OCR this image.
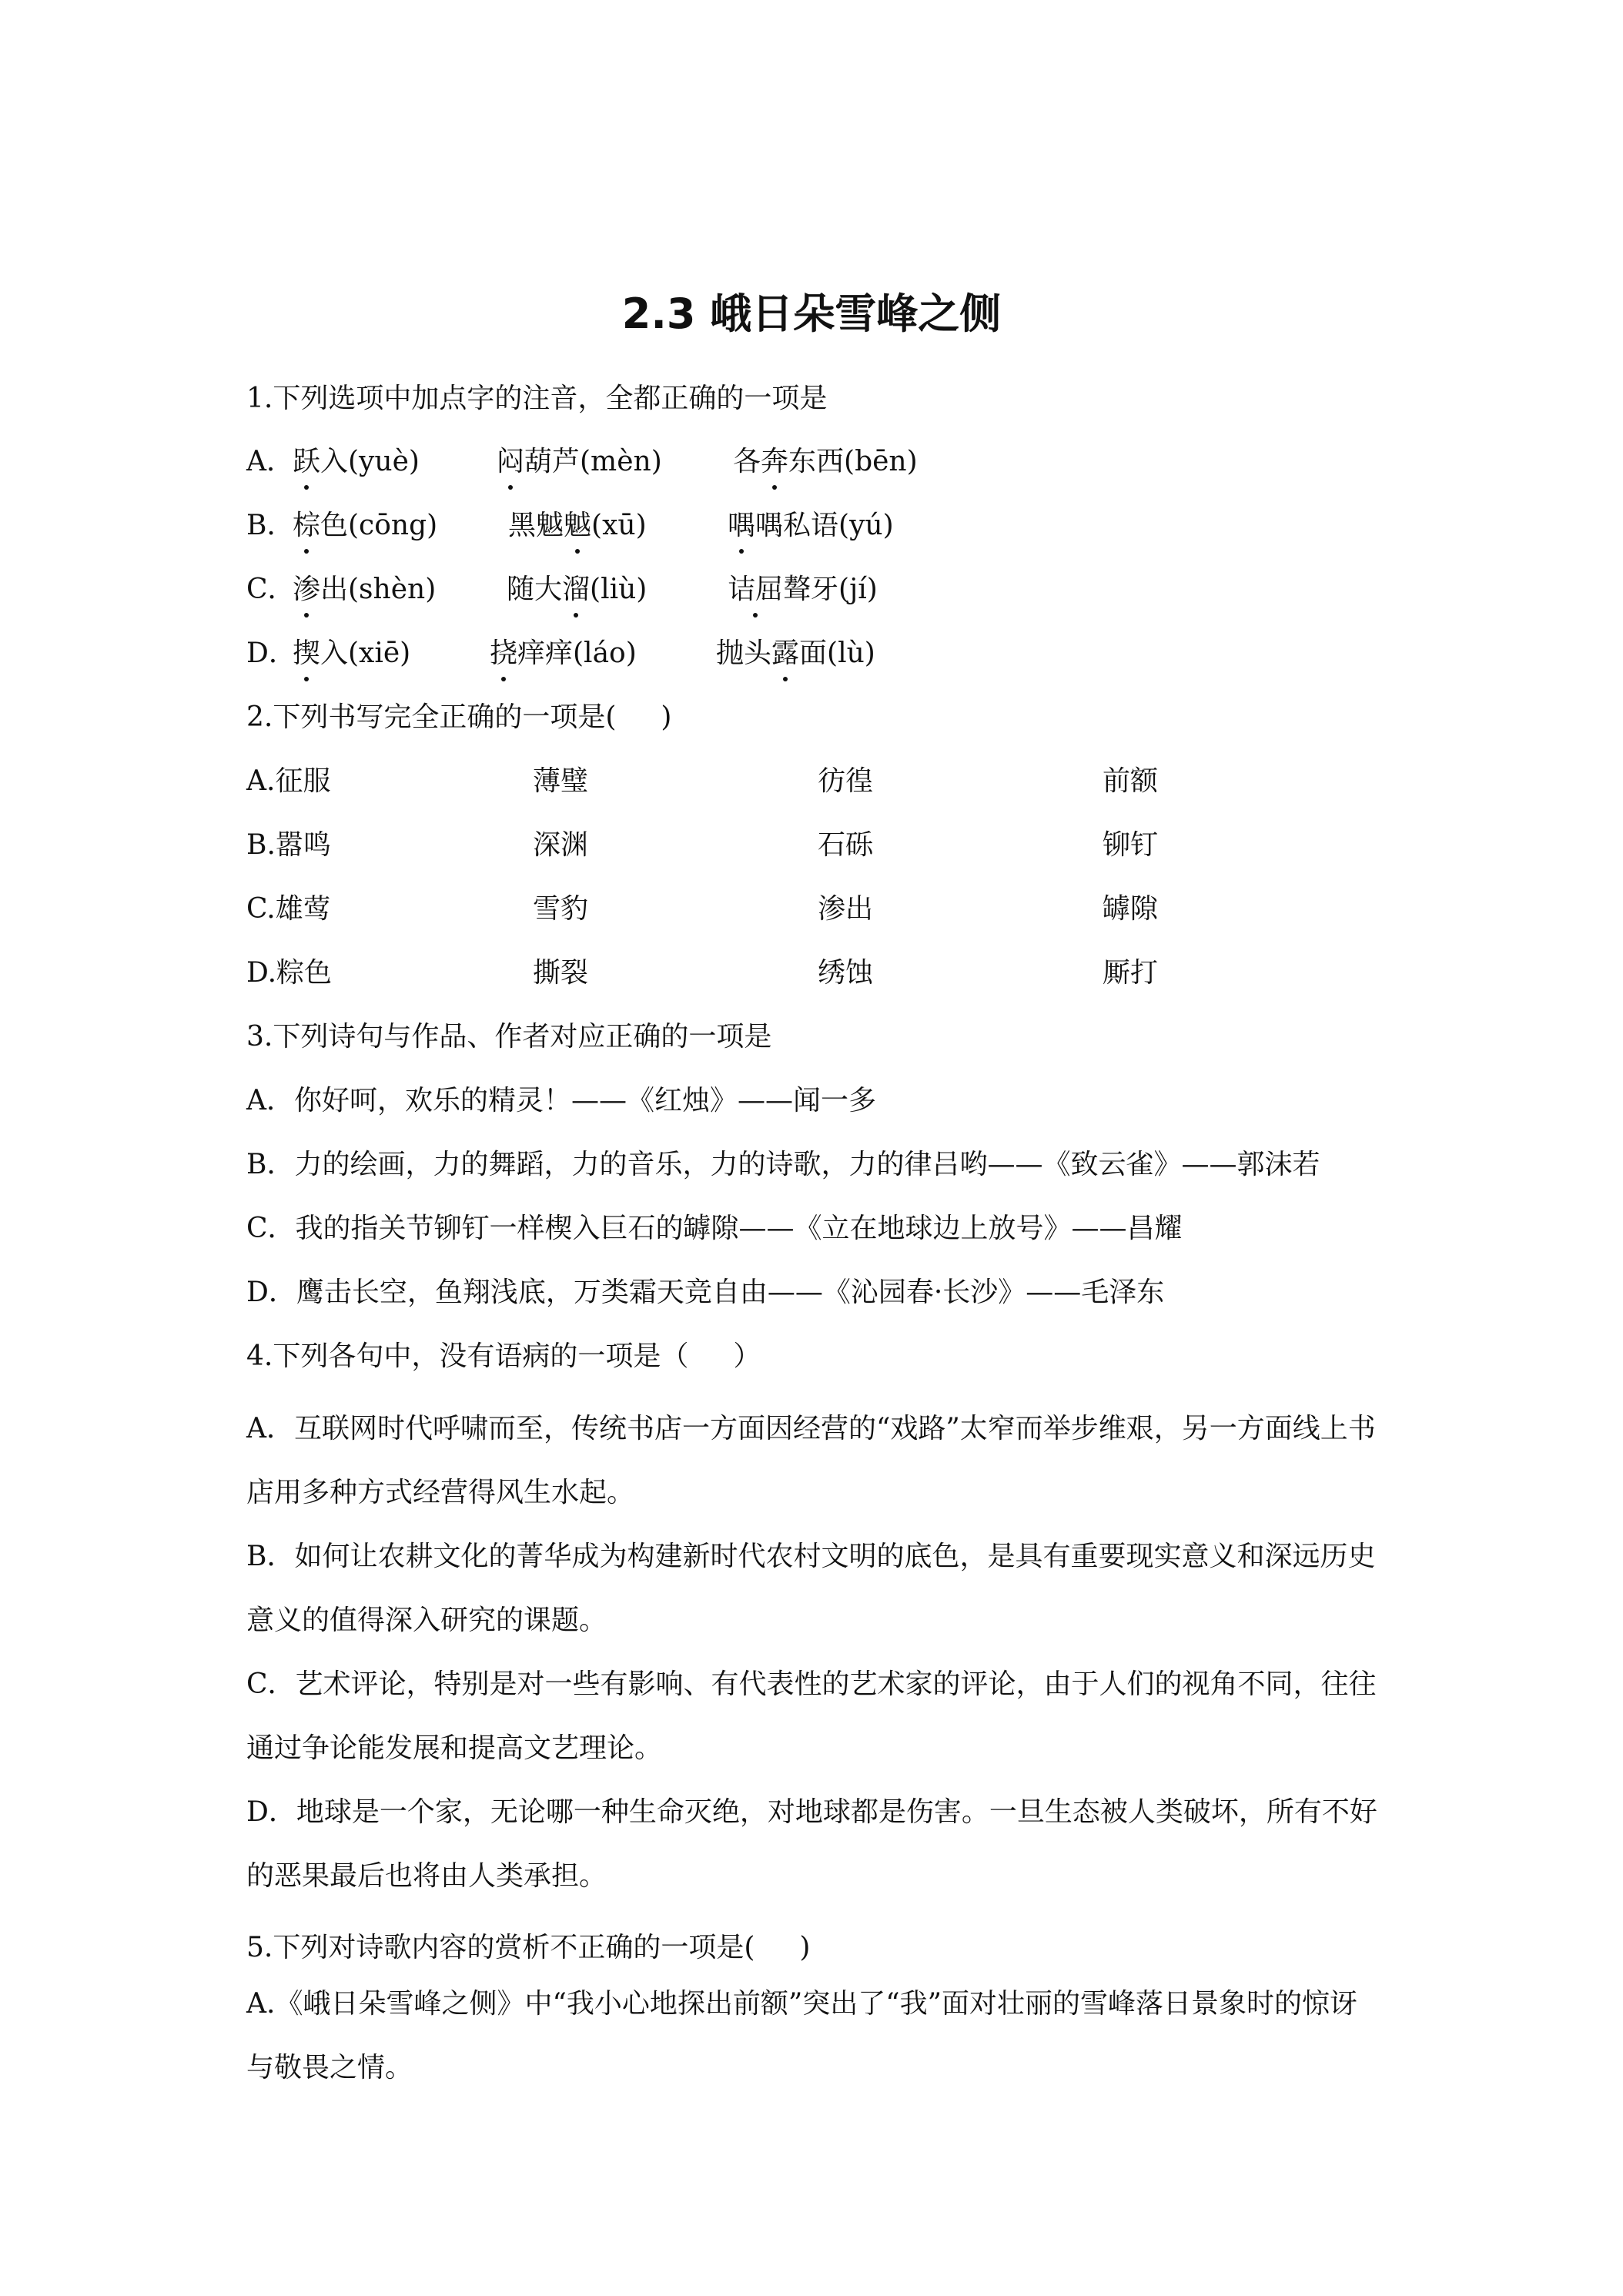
2.3 峨日朵雪峰之侧
1.下列选项中加点字的注音，全都正确的一项是
A．
跃入(yuè)	闷葫芦(mèn)	各奔东西(bēn)
B．
棕色(cōng)	黑魆魆(xū)	喁喁私语(yú)
C．
渗出(shèn)	随大溜(liù)	诘屈聱牙(jí)
D．
揳入(xiē)	挠痒痒(láo)	抛头露面(lù)
2.下列书写完全正确的一项是( )
A.征服	薄璧	彷徨	前额
B.嚣鸣	深渊	石砾	铆钉
C.雄莺	雪豹	渗出	罅隙
D.粽色	撕裂	绣蚀	厮打
3.下列诗句与作品、作者对应正确的一项是
A．你好呵，欢乐的精灵！——《红烛》——闻一多
B．力的绘画，力的舞蹈，力的音乐，力的诗歌，力的律吕哟——《致云雀》——郭沫若
C．我的指关节铆钉一样楔入巨石的罅隙——《立在地球边上放号》——昌耀
D．鹰击长空，鱼翔浅底，万类霜天竞自由——《沁园春·长沙》——毛泽东
4.下列各句中，没有语病的一项是（ ）
A．互联网时代呼啸而至，传统书店一方面因经营的“戏路”太窄而举步维艰，另一方面线上书店用多种方式经营得风生水起。
B．如何让农耕文化的菁华成为构建新时代农村文明的底色，是具有重要现实意义和深远历史意义的值得深入研究的课题。
C．艺术评论，特别是对一些有影响、有代表性的艺术家的评论，由于人们的视角不同，往往通过争论能发展和提高文艺理论。
D．地球是一个家，无论哪一种生命灭绝，对地球都是伤害。一旦生态被人类破坏，所有不好的恶果最后也将由人类承担。
5.下列对诗歌内容的赏析不正确的一项是( )
A.《峨日朵雪峰之侧》中“我小心地探出前额”突出了“我”面对壮丽的雪峰落日景象时的惊讶与敬畏之情。
